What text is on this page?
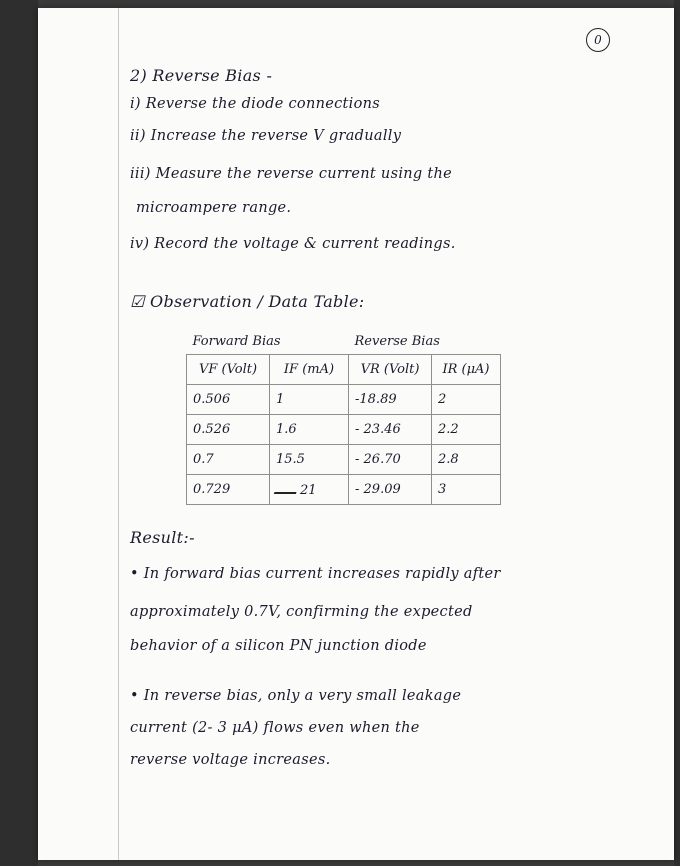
0
2) Reverse Bias -
i) Reverse the diode connections
ii) Increase the reverse V gradually
iii) Measure the reverse current using the
microampere range.
iv) Record the voltage & current readings.
☑ Observation / Data Table:
Forward Bias		Reverse Bias	
VF (Volt)	IF (mA)	VR (Volt)	IR (μA)
0.506	1	-18.89	2
0.526	1.6	- 23.46	2.2
0.7	15.5	- 26.70	2.8
0.729	21	- 29.09	3
Result:-
• In forward bias current increases rapidly after
approximately 0.7V, confirming the expected
behavior of a silicon PN junction diode
• In reverse bias, only a very small leakage
current (2- 3 μA) flows even when the
reverse voltage increases.
